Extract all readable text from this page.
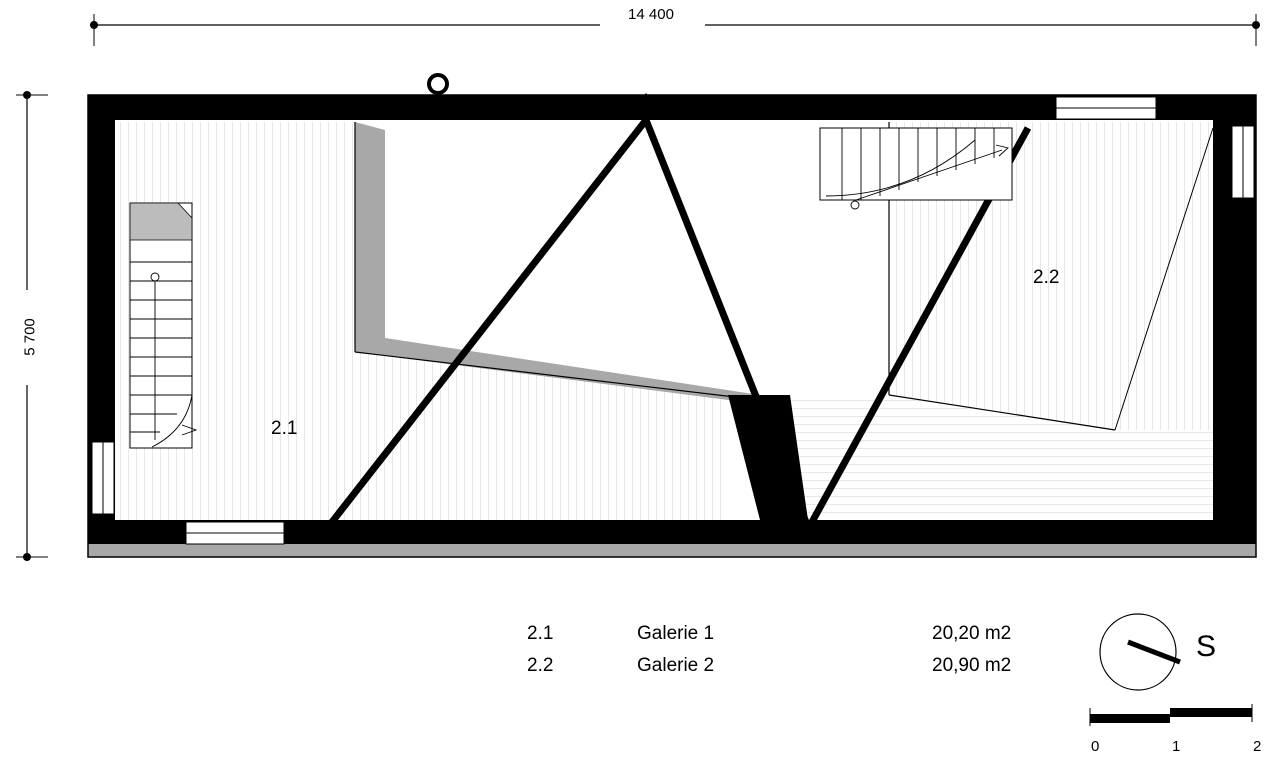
14 400
5 700
2.1
2.2
2.1	Galerie 1	20,20 m2
2.2	Galerie 2	20,90 m2
S
0	1	2
